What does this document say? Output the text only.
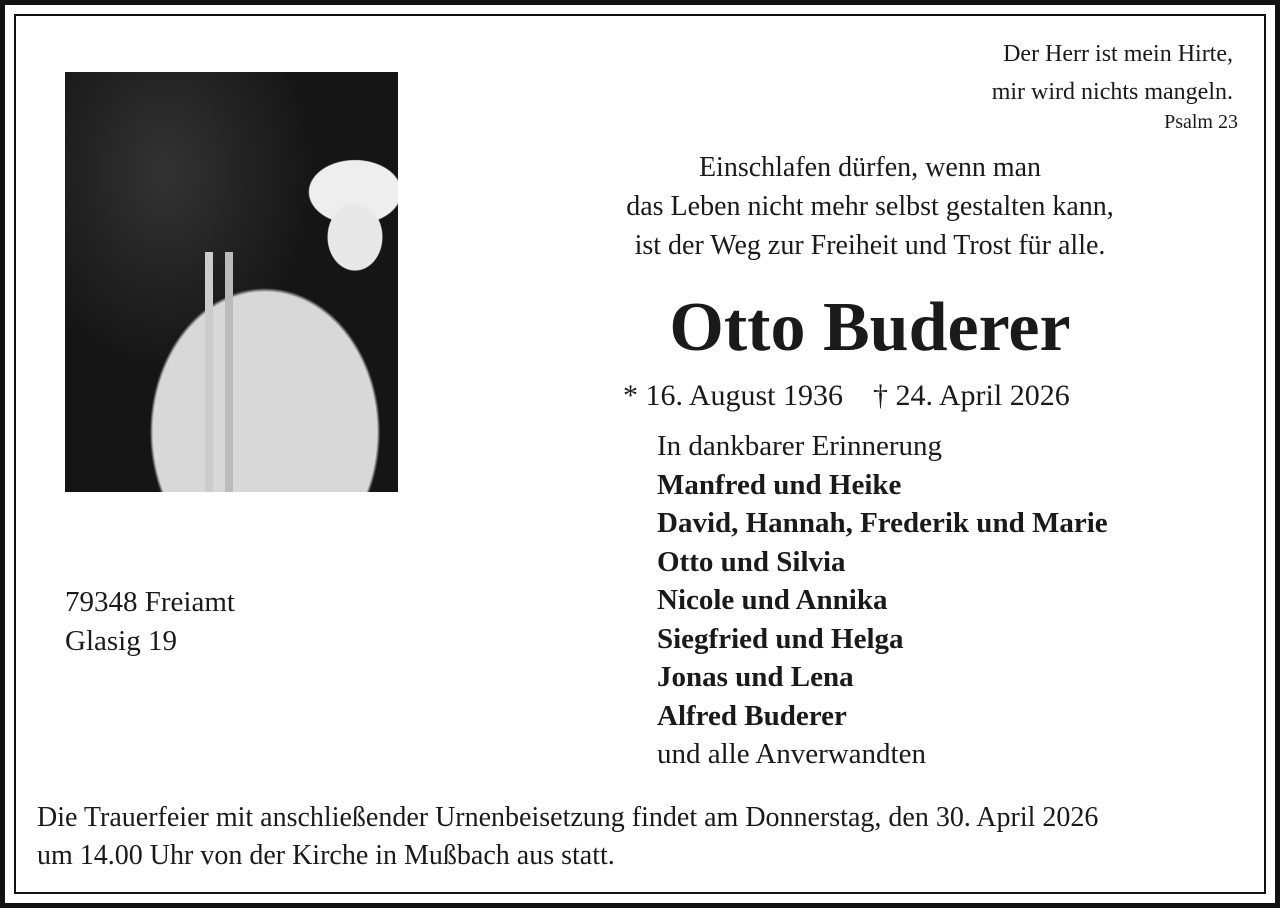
Der Herr ist mein Hirte,
mir wird nichts mangeln.
Psalm 23
Einschlafen dürfen, wenn man
das Leben nicht mehr selbst gestalten kann,
ist der Weg zur Freiheit und Trost für alle.
Otto Buderer
* 16. August 1936    † 24. April 2026
In dankbarer Erinnerung
Manfred und Heike
David, Hannah, Frederik und Marie
Otto und Silvia
Nicole und Annika
Siegfried und Helga
Jonas und Lena
Alfred Buderer
und alle Anverwandten
79348 Freiamt
Glasig 19
Die Trauerfeier mit anschließender Urnenbeisetzung findet am Donnerstag, den 30. April 2026
um 14.00 Uhr von der Kirche in Mußbach aus statt.
